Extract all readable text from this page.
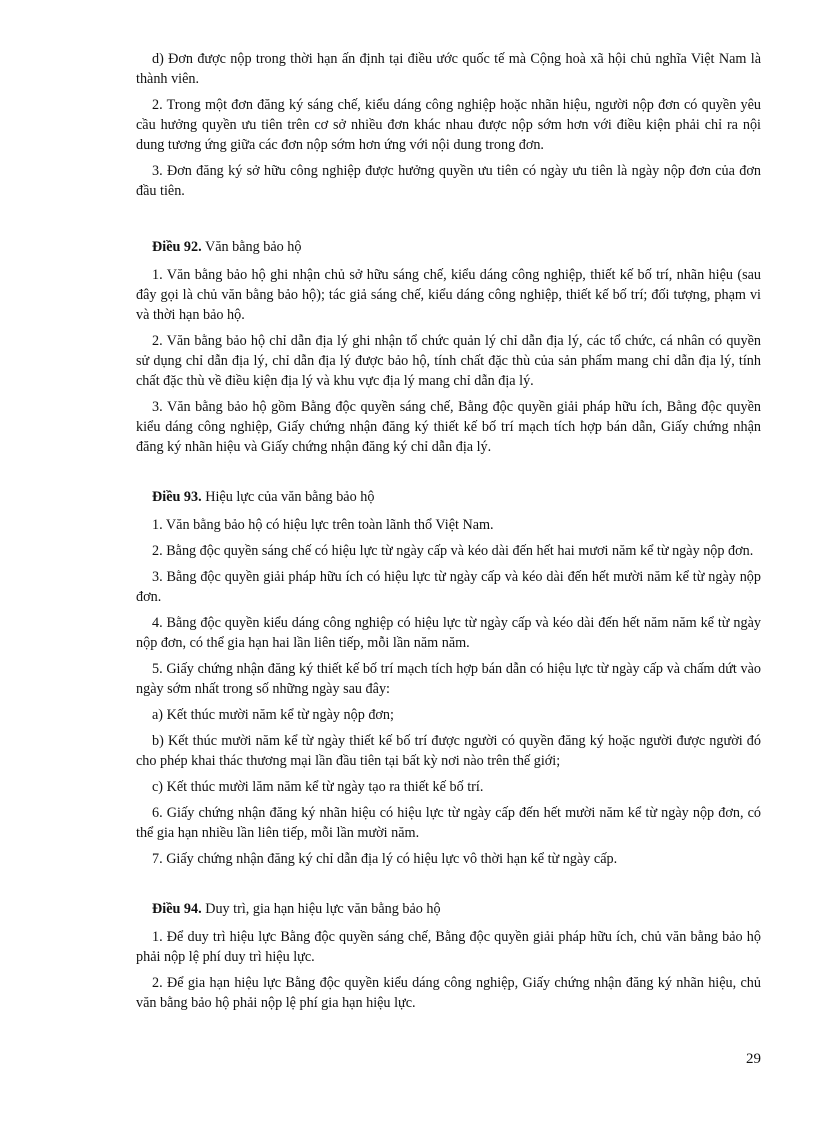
d) Đơn được nộp trong thời hạn ấn định tại điều ước quốc tế mà Cộng hoà xã hội chủ nghĩa Việt Nam là thành viên.

2. Trong một đơn đăng ký sáng chế, kiểu dáng công nghiệp hoặc nhãn hiệu, người nộp đơn có quyền yêu cầu hưởng quyền ưu tiên trên cơ sở nhiều đơn khác nhau được nộp sớm hơn với điều kiện phải chỉ ra nội dung tương ứng giữa các đơn nộp sớm hơn ứng với nội dung trong đơn.

3. Đơn đăng ký sở hữu công nghiệp được hưởng quyền ưu tiên có ngày ưu tiên là ngày nộp đơn của đơn đầu tiên.

Điều 92. Văn bằng bảo hộ

1. Văn bằng bảo hộ ghi nhận chủ sở hữu sáng chế, kiểu dáng công nghiệp, thiết kế bố trí, nhãn hiệu (sau đây gọi là chủ văn bằng bảo hộ); tác giả sáng chế, kiểu dáng công nghiệp, thiết kế bố trí; đối tượng, phạm vi và thời hạn bảo hộ.

2. Văn bằng bảo hộ chỉ dẫn địa lý ghi nhận tổ chức quản lý chỉ dẫn địa lý, các tổ chức, cá nhân có quyền sử dụng chỉ dẫn địa lý, chỉ dẫn địa lý được bảo hộ, tính chất đặc thù của sản phẩm mang chỉ dẫn địa lý, tính chất đặc thù về điều kiện địa lý và khu vực địa lý mang chỉ dẫn địa lý.

3. Văn bằng bảo hộ gồm Bằng độc quyền sáng chế, Bằng độc quyền giải pháp hữu ích, Bằng độc quyền kiểu dáng công nghiệp, Giấy chứng nhận đăng ký thiết kế bố trí mạch tích hợp bán dẫn, Giấy chứng nhận đăng ký nhãn hiệu và Giấy chứng nhận đăng ký chỉ dẫn địa lý.

Điều 93. Hiệu lực của văn bằng bảo hộ

1. Văn bằng bảo hộ có hiệu lực trên toàn lãnh thổ Việt Nam.

2. Bằng độc quyền sáng chế có hiệu lực từ ngày cấp và kéo dài đến hết hai mươi năm kể từ ngày nộp đơn.

3. Bằng độc quyền giải pháp hữu ích có hiệu lực từ ngày cấp và kéo dài đến hết mười năm kể từ ngày nộp đơn.

4. Bằng độc quyền kiểu dáng công nghiệp có hiệu lực từ ngày cấp và kéo dài đến hết năm năm kể từ ngày nộp đơn, có thể gia hạn hai lần liên tiếp, mỗi lần năm năm.

5. Giấy chứng nhận đăng ký thiết kế bố trí mạch tích hợp bán dẫn có hiệu lực từ ngày cấp và chấm dứt vào ngày sớm nhất trong số những ngày sau đây:

a) Kết thúc mười năm kể từ ngày nộp đơn;

b) Kết thúc mười năm kể từ ngày thiết kế bố trí được người có quyền đăng ký hoặc người được người đó cho phép khai thác thương mại lần đầu tiên tại bất kỳ nơi nào trên thế giới;

c) Kết thúc mười lăm năm kể từ ngày tạo ra thiết kế bố trí.

6. Giấy chứng nhận đăng ký nhãn hiệu có hiệu lực từ ngày cấp đến hết mười năm kể từ ngày nộp đơn, có thể gia hạn nhiều lần liên tiếp, mỗi lần mười năm.

7. Giấy chứng nhận đăng ký chỉ dẫn địa lý có hiệu lực vô thời hạn kể từ ngày cấp.

Điều 94. Duy trì, gia hạn hiệu lực văn bằng bảo hộ

1. Để duy trì hiệu lực Bằng độc quyền sáng chế, Bằng độc quyền giải pháp hữu ích, chủ văn bằng bảo hộ phải nộp lệ phí duy trì hiệu lực.

2. Để gia hạn hiệu lực Bằng độc quyền kiểu dáng công nghiệp, Giấy chứng nhận đăng ký nhãn hiệu, chủ văn bằng bảo hộ phải nộp lệ phí gia hạn hiệu lực.

29
